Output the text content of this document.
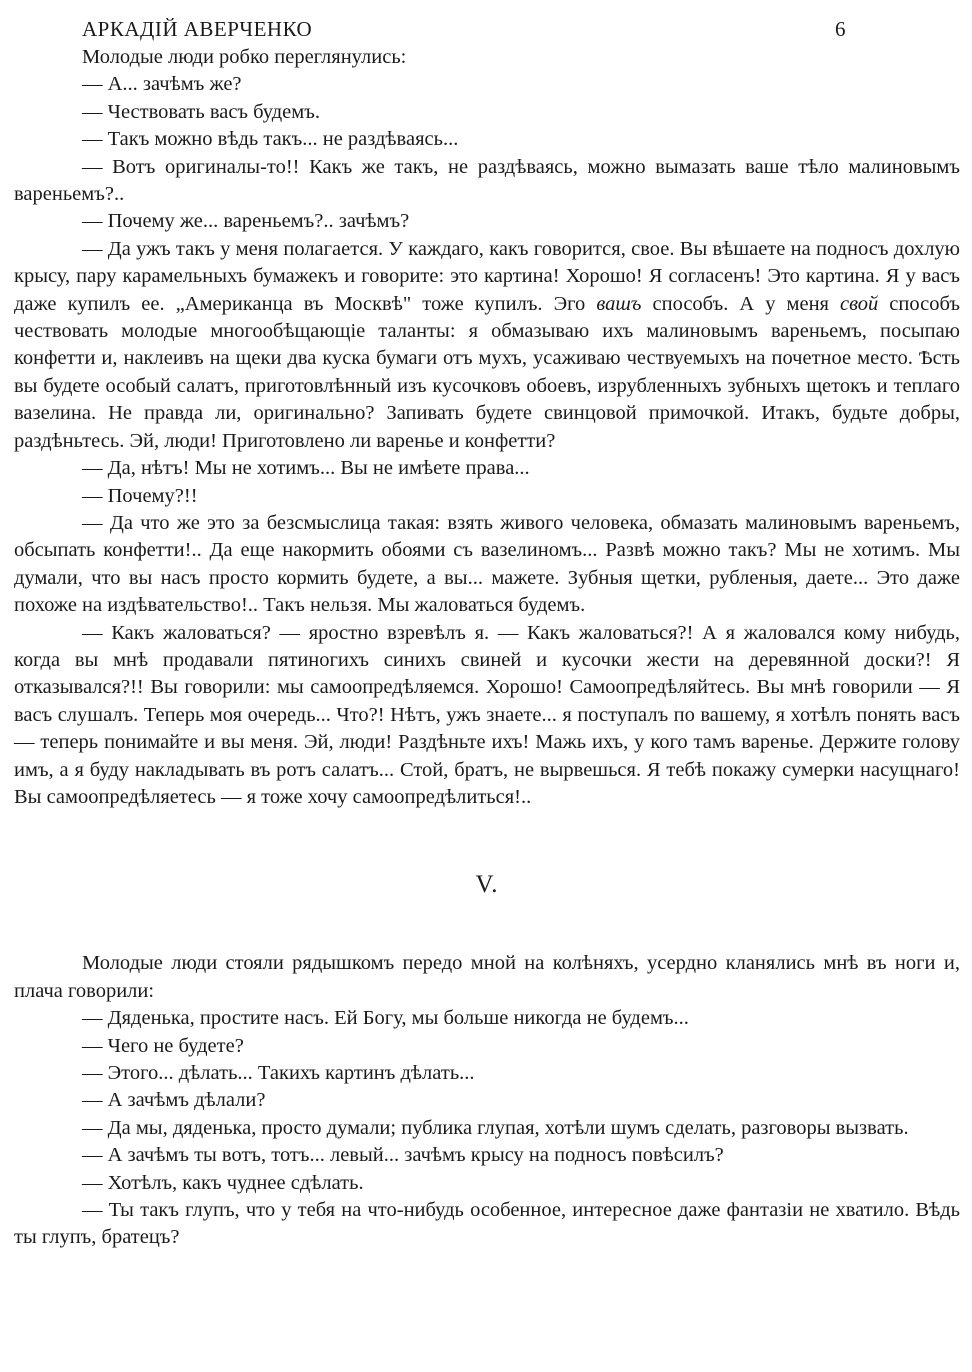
АРКАДІЙ АВЕРЧЕНКО	6

Молодые люди робко переглянулись:

— А... зачѣмъ же?

— Чествовать васъ будемъ.

— Такъ можно вѣдь такъ... не раздѣваясь...

— Вотъ оригиналы-то!! Какъ же такъ, не раздѣваясь, можно вымазать ваше тѣло малиновымъ вареньемъ?..

— Почему же... вареньемъ?.. зачѣмъ?

— Да ужъ такъ у меня полагается. У каждаго, какъ говорится, свое. Вы вѣшаете на подносъ дохлую крысу, пару карамельныхъ бумажекъ и говорите: это картина! Хорошо! Я согласенъ! Это картина. Я у васъ даже купилъ ее. „Американца въ Москвѣ" тоже купилъ. Эго вашъ способъ. А у меня свой способъ чествовать молодые многообѣщающіе таланты: я обмазываю ихъ малиновымъ вареньемъ, посыпаю конфетти и, наклеивъ на щеки два куска бумаги отъ мухъ, усаживаю чествуемыхъ на почетное место. Ѣсть вы будете особый салатъ, приготовлѣнный изъ кусочковъ обоевъ, изрубленныхъ зубныхъ щетокъ и теплаго вазелина. Не правда ли, оригинально? Запивать будете свинцовой примочкой. Итакъ, будьте добры, раздѣньтесь. Эй, люди! Приготовлено ли варенье и конфетти?

— Да, нѣтъ! Мы не хотимъ... Вы не имѣете права...

— Почему?!!

— Да что же это за безсмыслица такая: взять живого человека, обмазать малиновымъ вареньемъ, обсыпать конфетти!.. Да еще накормить обоями съ вазелиномъ... Развѣ можно такъ? Мы не хотимъ. Мы думали, что вы насъ просто кормить будете, а вы... мажете. Зубныя щетки, рубленыя, даете... Это даже похоже на издѣвательство!.. Такъ нельзя. Мы жаловаться будемъ.

— Какъ жаловаться? — яростно взревѣлъ я. — Какъ жаловаться?! А я жаловался кому нибудь, когда вы мнѣ продавали пятиногихъ синихъ свиней и кусочки жести на деревянной доски?! Я отказывался?!! Вы говорили: мы самоопредѣляемся. Хорошо! Самоопредѣляйтесь. Вы мнѣ говорили — Я васъ слушалъ. Теперь моя очередь... Что?! Нѣтъ, ужъ знаете... я поступалъ по вашему, я хотѣлъ понять васъ — теперь понимайте и вы меня. Эй, люди! Раздѣньте ихъ! Мажь ихъ, у кого тамъ варенье. Держите голову имъ, а я буду накладывать въ ротъ салатъ... Стой, братъ, не вырвешься. Я тебѣ покажу сумерки насущнаго! Вы самоопредѣляетесь — я тоже хочу самоопредѣлиться!..

V.

Молодые люди стояли рядышкомъ передо мной на колѣняхъ, усердно кланялись мнѣ въ ноги и, плача говорили:

— Дяденька, простите насъ. Ей Богу, мы больше никогда не будемъ...

— Чего не будете?

— Этого... дѣлать... Такихъ картинъ дѣлать...

— А зачѣмъ дѣлали?

— Да мы, дяденька, просто думали; публика глупая, хотѣли шумъ сделать, разговоры вызвать.

— А зачѣмъ ты вотъ, тотъ... левый... зачѣмъ крысу на подносъ повѣсилъ?

— Хотѣлъ, какъ чуднее сдѣлать.

— Ты такъ глупъ, что у тебя на что-нибудь особенное, интересное даже фантазіи не хватило. Вѣдь ты глупъ, братецъ?
